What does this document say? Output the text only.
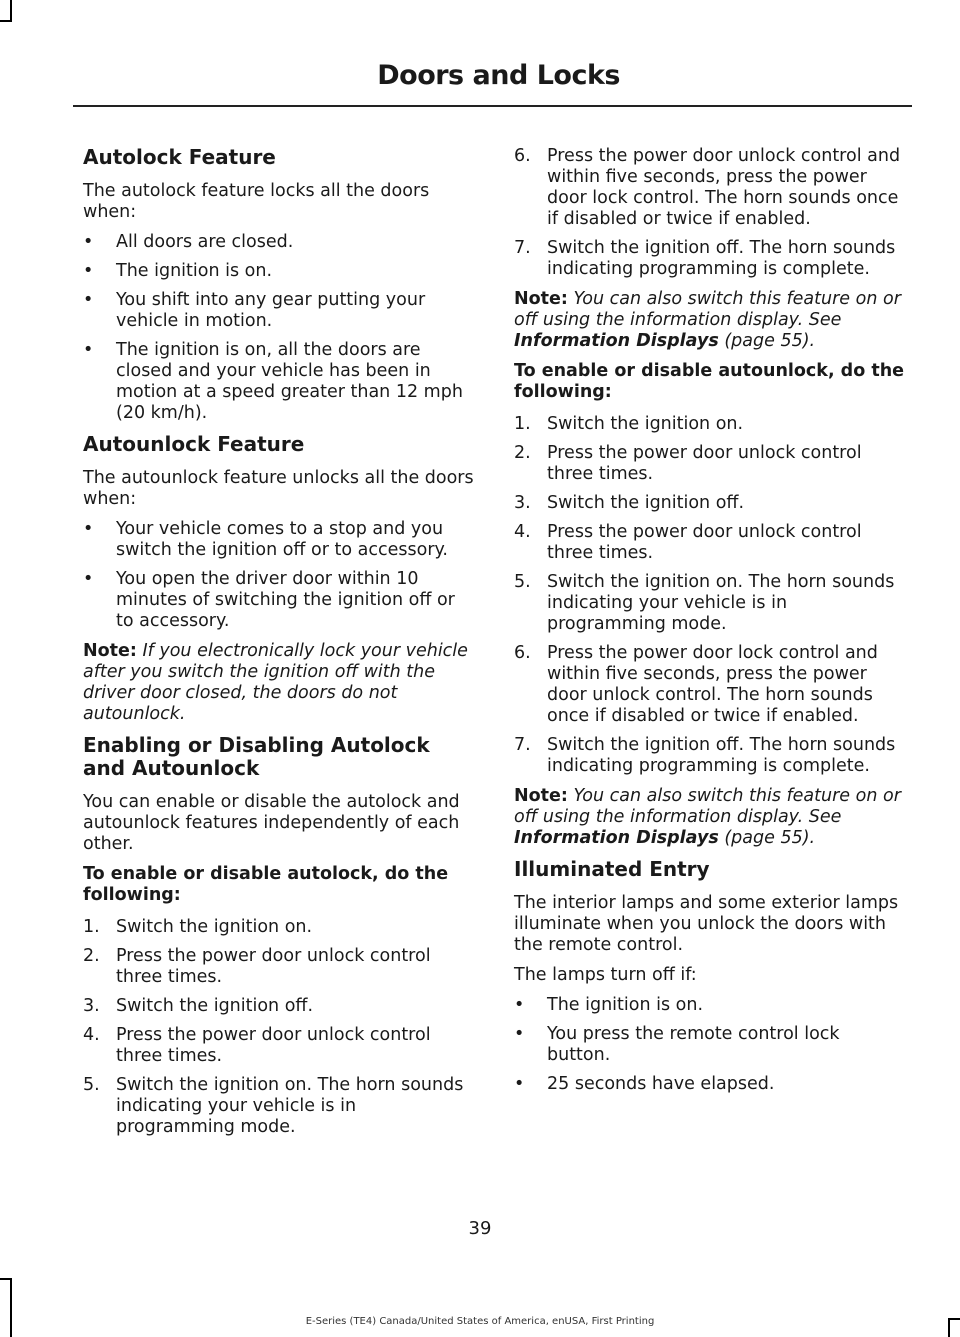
Doors and Locks
Autolock Feature

The autolock feature locks all the doors when:

• All doors are closed.
• The ignition is on.
• You shift into any gear putting your vehicle in motion.
• The ignition is on, all the doors are closed and your vehicle has been in motion at a speed greater than 12 mph (20 km/h).
Autounlock Feature

The autounlock feature unlocks all the doors when:

• Your vehicle comes to a stop and you switch the ignition off or to accessory.
• You open the driver door within 10 minutes of switching the ignition off or to accessory.

Note: If you electronically lock your vehicle after you switch the ignition off with the driver door closed, the doors do not autounlock.

Enabling or Disabling Autolock and Autounlock

You can enable or disable the autolock and autounlock features independently of each other.

To enable or disable autolock, do the following:
1. Switch the ignition on.
2. Press the power door unlock control three times.
3. Switch the ignition off.
4. Press the power door unlock control three times.
5. Switch the ignition on. The horn sounds indicating your vehicle is in programming mode.
6. Press the power door unlock control and within five seconds, press the power door lock control. The horn sounds once if disabled or twice if enabled.
7. Switch the ignition off. The horn sounds indicating programming is complete.

Note: You can also switch this feature on or off using the information display. See Information Displays (page 55).

To enable or disable autounlock, do the following:
1. Switch the ignition on.
2. Press the power door unlock control three times.
3. Switch the ignition off.
4. Press the power door unlock control three times.
5. Switch the ignition on. The horn sounds indicating your vehicle is in programming mode.
6. Press the power door lock control and within five seconds, press the power door unlock control. The horn sounds once if disabled or twice if enabled.
7. Switch the ignition off. The horn sounds indicating programming is complete.

Note: You can also switch this feature on or off using the information display. See Information Displays (page 55).

Illuminated Entry

The interior lamps and some exterior lamps illuminate when you unlock the doors with the remote control.

The lamps turn off if:

• The ignition is on.
• You press the remote control lock button.
• 25 seconds have elapsed.
39
E-Series (TE4) Canada/United States of America, enUSA, First Printing
